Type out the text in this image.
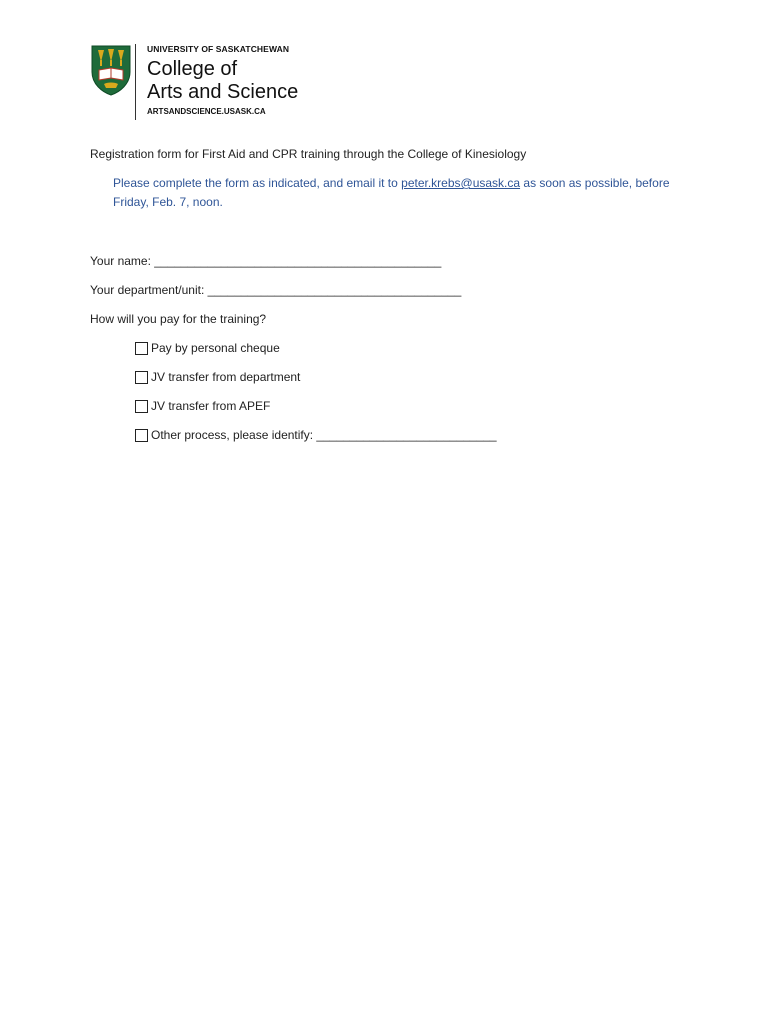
UNIVERSITY OF SASKATCHEWAN
College of
Arts and Science
ARTSANDSCIENCE.USASK.CA

Registration form for First Aid and CPR training through the College of Kinesiology

Please complete the form as indicated, and email it to peter.krebs@usask.ca as soon as possible, before Friday, Feb. 7, noon.

Your name: ___________________________________________

Your department/unit: ______________________________________

How will you pay for the training?

Pay by personal cheque
JV transfer from department
JV transfer from APEF
Other process, please identify: ___________________________
